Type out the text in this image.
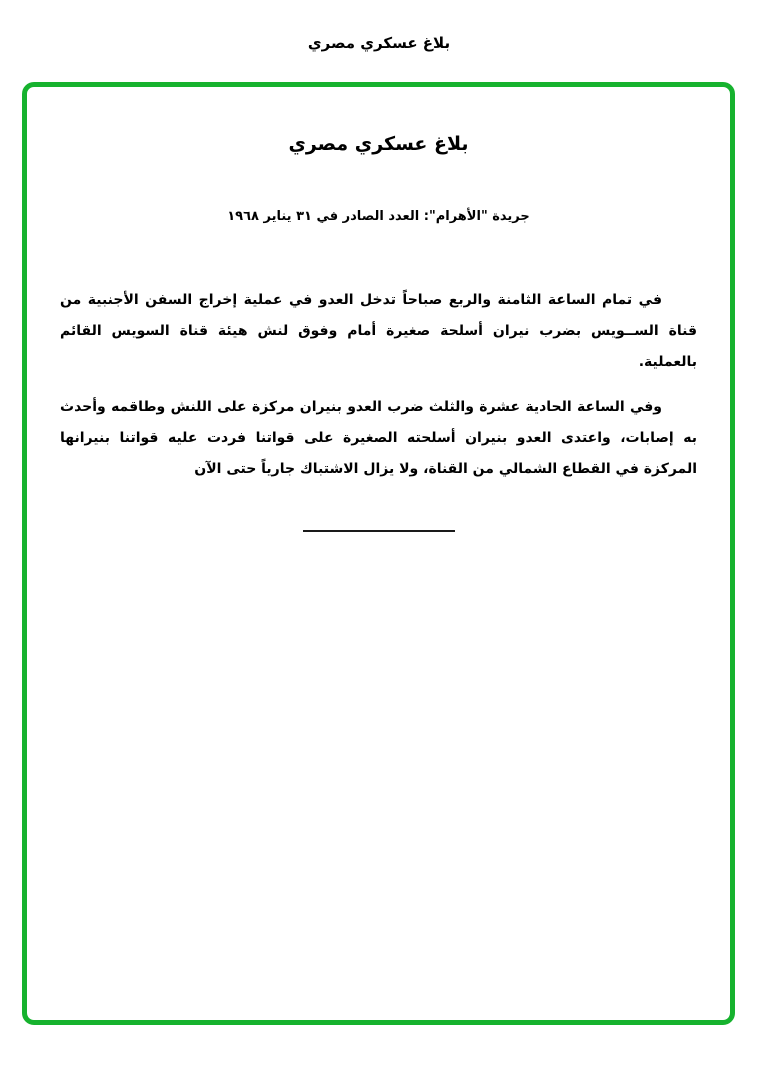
بلاغ عسكري مصري
بلاغ عسكري مصري
جريدة "الأهرام": العدد الصادر في ٣١ يناير ١٩٦٨
في تمام الساعة الثامنة والربع صباحاً تدخل العدو في عملية إخراج السفن الأجنبية من قناة الســويس بضرب نيران أسلحة صغيرة أمام وفوق لنش هيئة قناة السويس القائم بالعملية.
وفي الساعة الحادية عشرة والثلث ضرب العدو بنيران مركزة على اللنش وطاقمه وأحدث به إصابات، واعتدى العدو بنيران أسلحته الصغيرة على قواتنا فردت عليه قواتنا بنيرانها المركزة في القطاع الشمالي من القناة، ولا يزال الاشتباك جارياً حتى الآن
